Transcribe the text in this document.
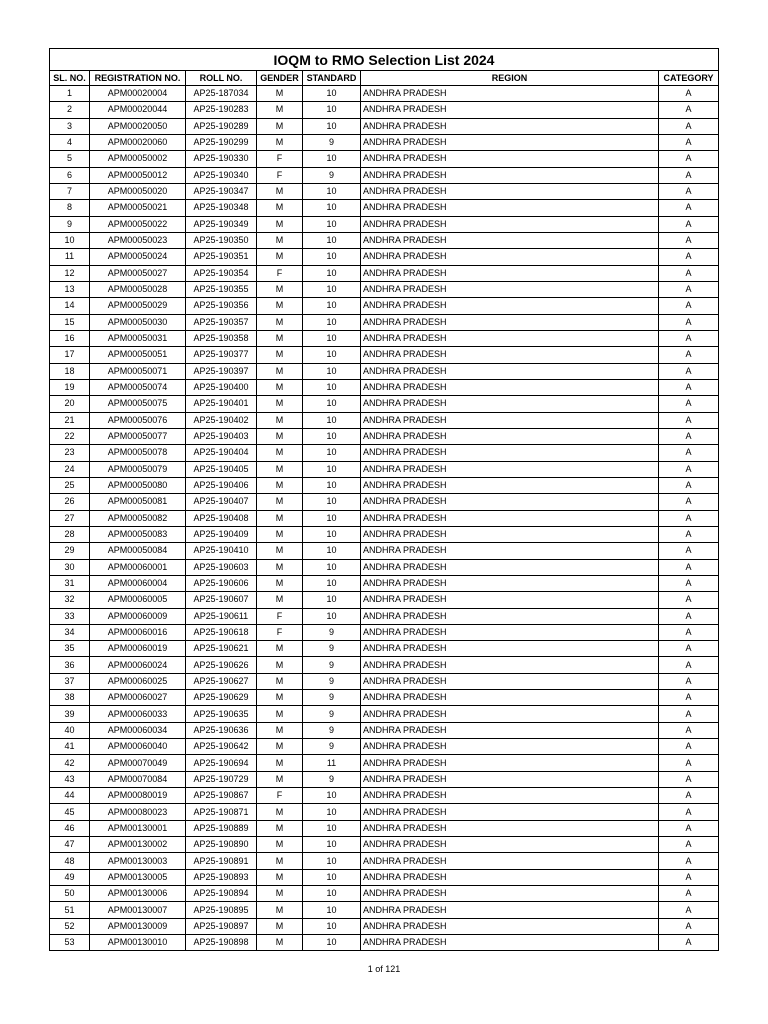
IOQM to RMO Selection List 2024						
SL. NO.	REGISTRATION NO.	ROLL NO.	GENDER	STANDARD	REGION	CATEGORY
1	APM00020004	AP25-187034	M	10	ANDHRA PRADESH	A
2	APM00020044	AP25-190283	M	10	ANDHRA PRADESH	A
3	APM00020050	AP25-190289	M	10	ANDHRA PRADESH	A
4	APM00020060	AP25-190299	M	9	ANDHRA PRADESH	A
5	APM00050002	AP25-190330	F	10	ANDHRA PRADESH	A
6	APM00050012	AP25-190340	F	9	ANDHRA PRADESH	A
7	APM00050020	AP25-190347	M	10	ANDHRA PRADESH	A
8	APM00050021	AP25-190348	M	10	ANDHRA PRADESH	A
9	APM00050022	AP25-190349	M	10	ANDHRA PRADESH	A
10	APM00050023	AP25-190350	M	10	ANDHRA PRADESH	A
11	APM00050024	AP25-190351	M	10	ANDHRA PRADESH	A
12	APM00050027	AP25-190354	F	10	ANDHRA PRADESH	A
13	APM00050028	AP25-190355	M	10	ANDHRA PRADESH	A
14	APM00050029	AP25-190356	M	10	ANDHRA PRADESH	A
15	APM00050030	AP25-190357	M	10	ANDHRA PRADESH	A
16	APM00050031	AP25-190358	M	10	ANDHRA PRADESH	A
17	APM00050051	AP25-190377	M	10	ANDHRA PRADESH	A
18	APM00050071	AP25-190397	M	10	ANDHRA PRADESH	A
19	APM00050074	AP25-190400	M	10	ANDHRA PRADESH	A
20	APM00050075	AP25-190401	M	10	ANDHRA PRADESH	A
21	APM00050076	AP25-190402	M	10	ANDHRA PRADESH	A
22	APM00050077	AP25-190403	M	10	ANDHRA PRADESH	A
23	APM00050078	AP25-190404	M	10	ANDHRA PRADESH	A
24	APM00050079	AP25-190405	M	10	ANDHRA PRADESH	A
25	APM00050080	AP25-190406	M	10	ANDHRA PRADESH	A
26	APM00050081	AP25-190407	M	10	ANDHRA PRADESH	A
27	APM00050082	AP25-190408	M	10	ANDHRA PRADESH	A
28	APM00050083	AP25-190409	M	10	ANDHRA PRADESH	A
29	APM00050084	AP25-190410	M	10	ANDHRA PRADESH	A
30	APM00060001	AP25-190603	M	10	ANDHRA PRADESH	A
31	APM00060004	AP25-190606	M	10	ANDHRA PRADESH	A
32	APM00060005	AP25-190607	M	10	ANDHRA PRADESH	A
33	APM00060009	AP25-190611	F	10	ANDHRA PRADESH	A
34	APM00060016	AP25-190618	F	9	ANDHRA PRADESH	A
35	APM00060019	AP25-190621	M	9	ANDHRA PRADESH	A
36	APM00060024	AP25-190626	M	9	ANDHRA PRADESH	A
37	APM00060025	AP25-190627	M	9	ANDHRA PRADESH	A
38	APM00060027	AP25-190629	M	9	ANDHRA PRADESH	A
39	APM00060033	AP25-190635	M	9	ANDHRA PRADESH	A
40	APM00060034	AP25-190636	M	9	ANDHRA PRADESH	A
41	APM00060040	AP25-190642	M	9	ANDHRA PRADESH	A
42	APM00070049	AP25-190694	M	11	ANDHRA PRADESH	A
43	APM00070084	AP25-190729	M	9	ANDHRA PRADESH	A
44	APM00080019	AP25-190867	F	10	ANDHRA PRADESH	A
45	APM00080023	AP25-190871	M	10	ANDHRA PRADESH	A
46	APM00130001	AP25-190889	M	10	ANDHRA PRADESH	A
47	APM00130002	AP25-190890	M	10	ANDHRA PRADESH	A
48	APM00130003	AP25-190891	M	10	ANDHRA PRADESH	A
49	APM00130005	AP25-190893	M	10	ANDHRA PRADESH	A
50	APM00130006	AP25-190894	M	10	ANDHRA PRADESH	A
51	APM00130007	AP25-190895	M	10	ANDHRA PRADESH	A
52	APM00130009	AP25-190897	M	10	ANDHRA PRADESH	A
53	APM00130010	AP25-190898	M	10	ANDHRA PRADESH	A
1 of 121
